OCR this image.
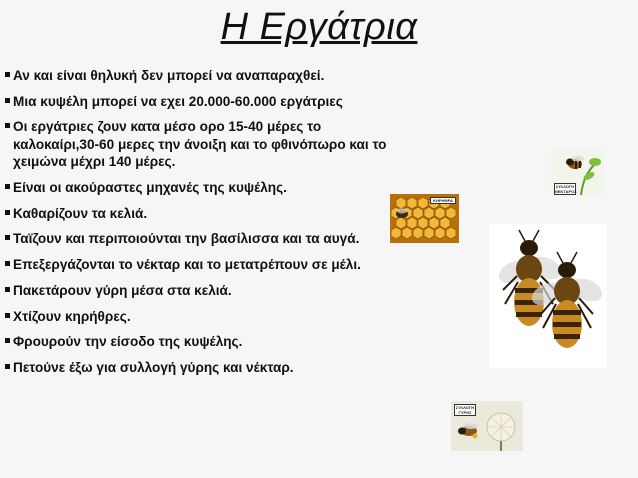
Η Εργάτρια
Αν και είναι θηλυκή δεν μπορεί να αναπαραχθεί.
Μια κυψέλη μπορεί να εχει 20.000-60.000 εργάτριες
Οι εργάτριες ζουν κατα μέσο ορο 15-40 μέρες το καλοκαίρι,30-60 μερες την άνοιξη και το φθινόπωρο και το χειμώνα μέχρι 140 μέρες.
Είναι οι ακούραστες μηχανές της κυψέλης.
Καθαρίζουν τα κελιά.
Ταϊζουν και περιποιούνται την βασίλισσα και τα αυγά.
Επεξεργάζονται το νέκταρ και το μετατρέπουν σε μέλι.
Πακετάρουν γύρη μέσα στα κελιά.
Χτίζουν κηρήθρες.
Φρουρούν την είσοδο της κυψέλης.
Πετούνε έξω για συλλογή γύρης και νέκταρ.
ΚΗΡΗΘΡΑ
ΣΥΛΛΟΓΗ ΝΕΚΤΑΡΟΣ
ΣΥΛΛΟΓΗ ΓΥΡΗΣ
